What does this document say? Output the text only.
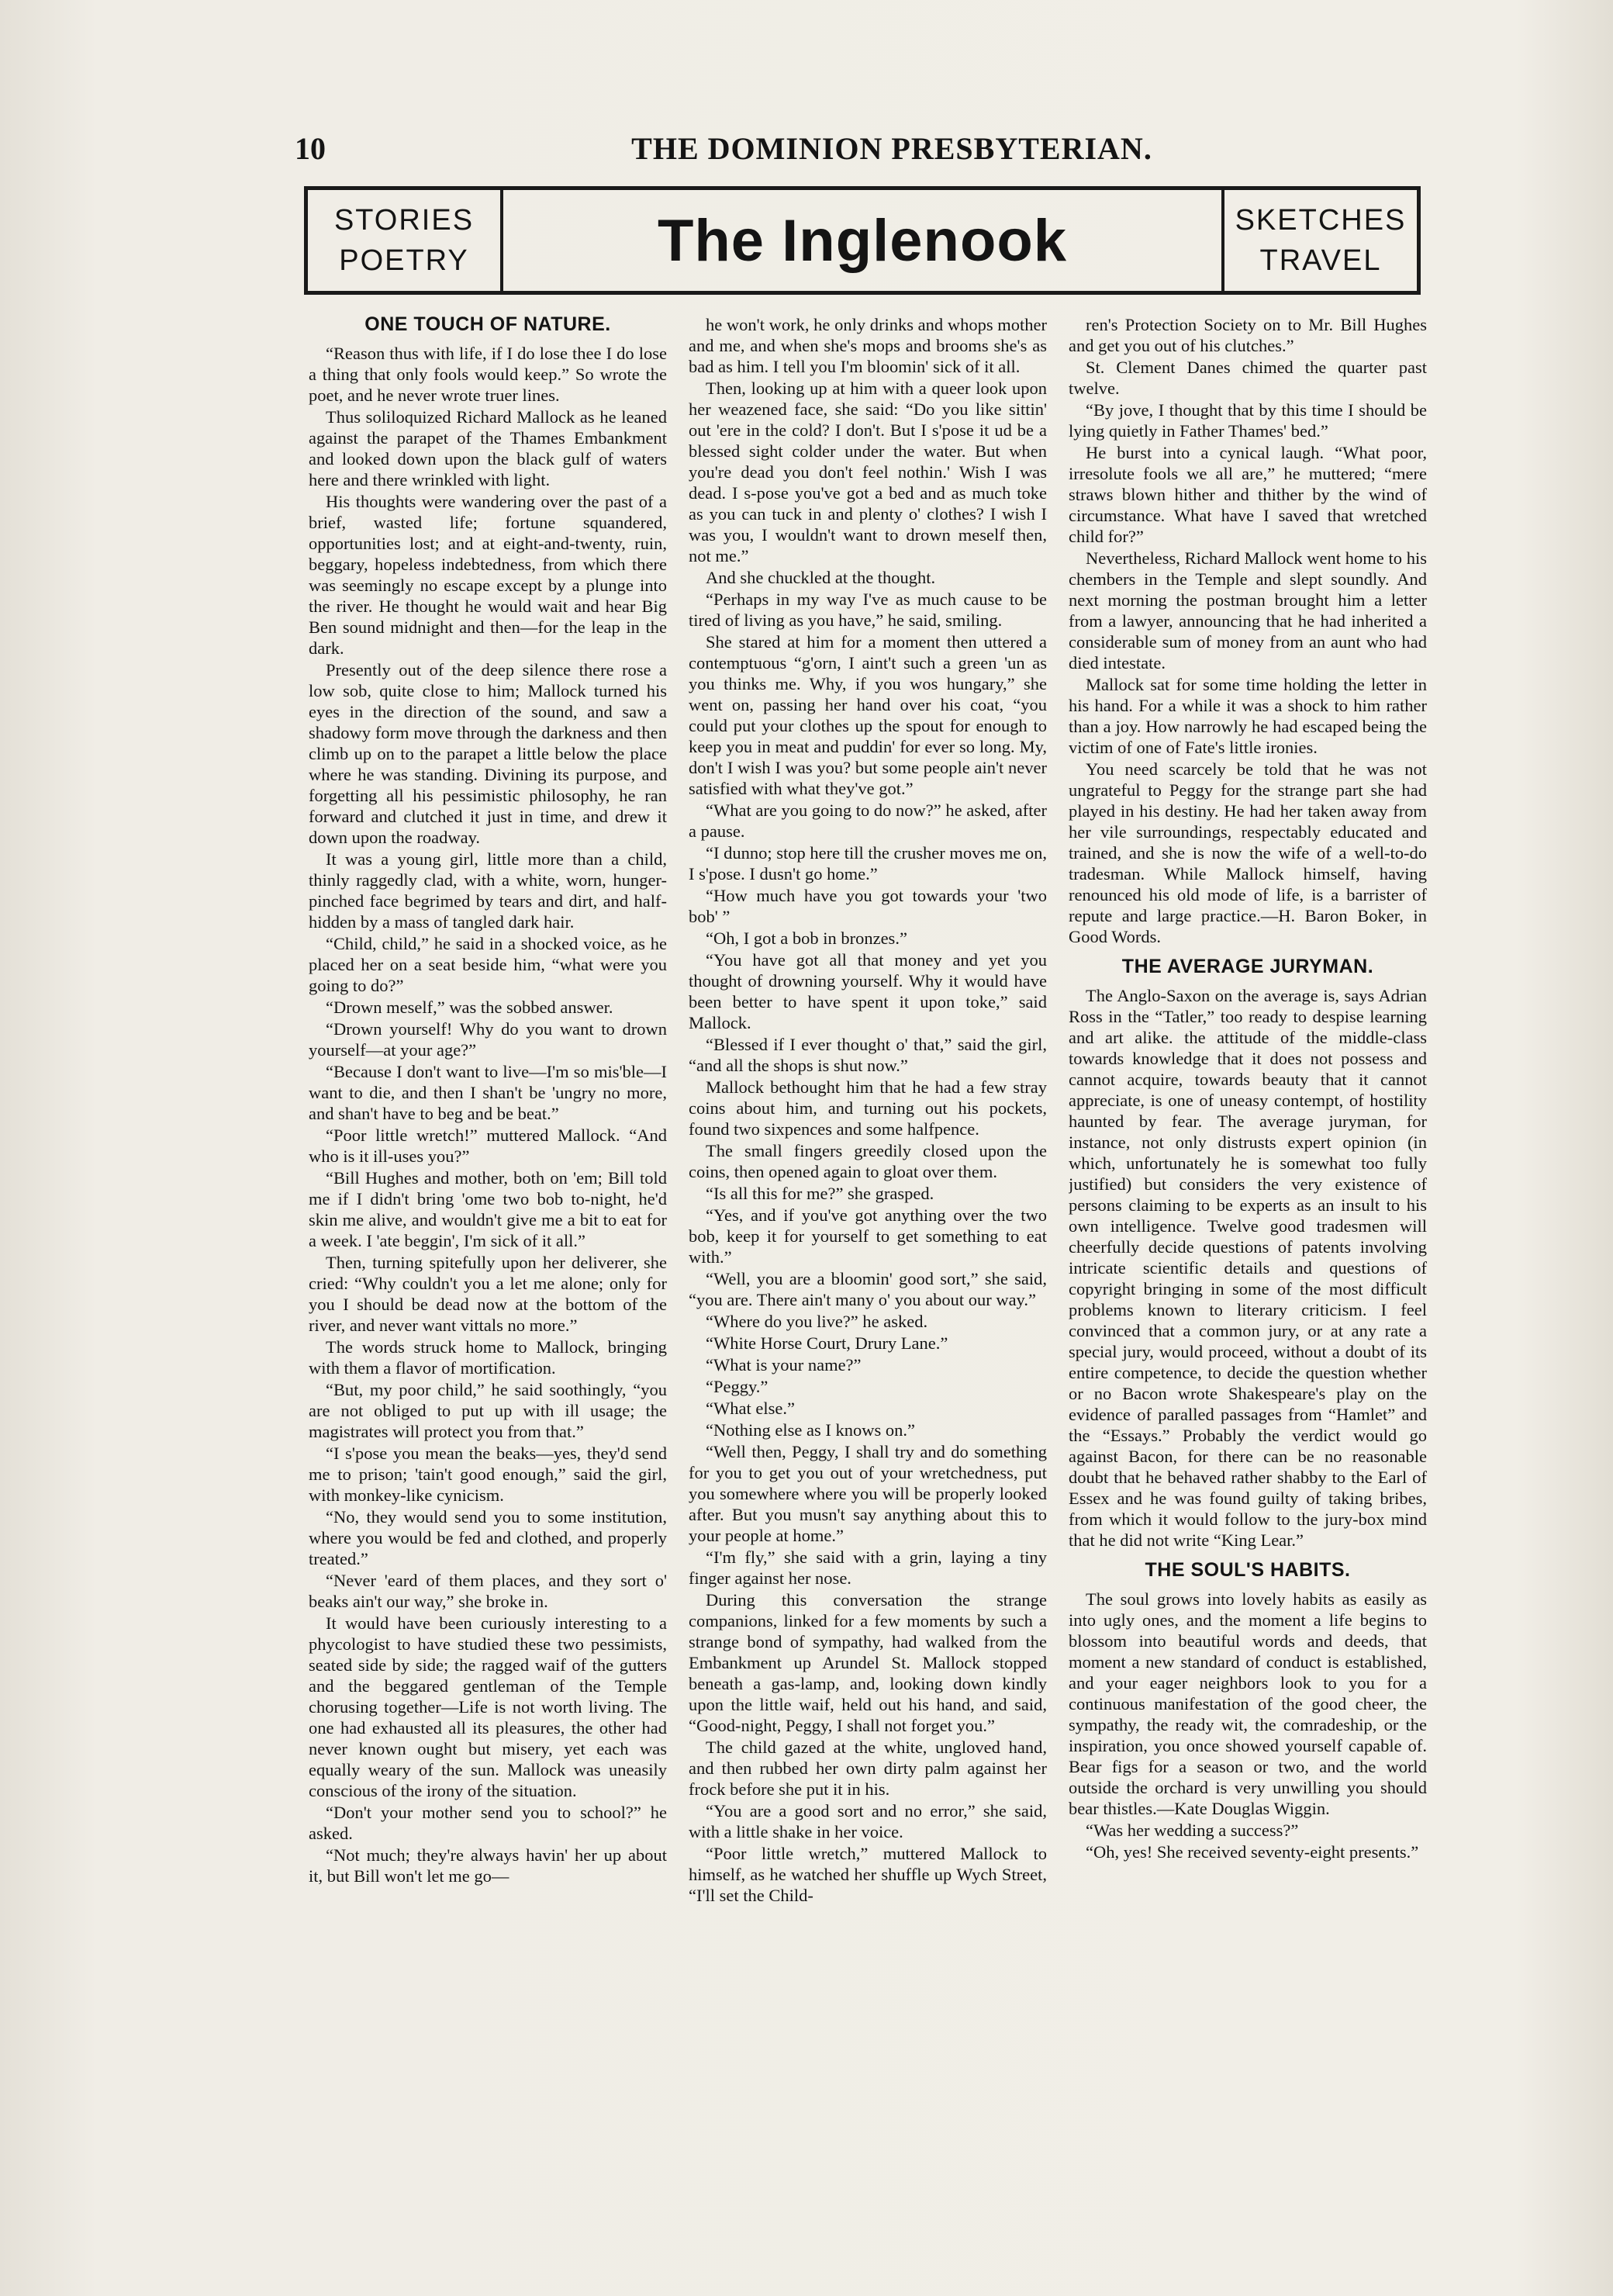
10	THE DOMINION PRESBYTERIAN.
STORIES
POETRY	The Inglenook	SKETCHES
TRAVEL
ONE TOUCH OF NATURE.

“Reason thus with life, if I do lose thee I do lose a thing that only fools would keep.” So wrote the poet, and he never wrote truer lines.

Thus soliloquized Richard Mallock as he leaned against the parapet of the Thames Embankment and looked down upon the black gulf of waters here and there wrinkled with light.

His thoughts were wandering over the past of a brief, wasted life; fortune squandered, opportunities lost; and at eight-and-twenty, ruin, beggary, hopeless indebtedness, from which there was seemingly no escape except by a plunge into the river. He thought he would wait and hear Big Ben sound midnight and then—for the leap in the dark.

Presently out of the deep silence there rose a low sob, quite close to him; Mallock turned his eyes in the direction of the sound, and saw a shadowy form move through the darkness and then climb up on to the parapet a little below the place where he was standing. Divining its purpose, and forgetting all his pessimistic philosophy, he ran forward and clutched it just in time, and drew it down upon the roadway.

It was a young girl, little more than a child, thinly raggedly clad, with a white, worn, hunger-pinched face begrimed by tears and dirt, and half-hidden by a mass of tangled dark hair.

“Child, child,” he said in a shocked voice, as he placed her on a seat beside him, “what were you going to do?”

“Drown meself,” was the sobbed answer.

“Drown yourself! Why do you want to drown yourself—at your age?”

“Because I don't want to live—I'm so mis'ble—I want to die, and then I shan't be 'ungry no more, and shan't have to beg and be beat.”

“Poor little wretch!” muttered Mallock. “And who is it ill-uses you?”

“Bill Hughes and mother, both on 'em; Bill told me if I didn't bring 'ome two bob to-night, he'd skin me alive, and wouldn't give me a bit to eat for a week. I 'ate beggin', I'm sick of it all.”

Then, turning spitefully upon her deliverer, she cried: “Why couldn't you a let me alone; only for you I should be dead now at the bottom of the river, and never want vittals no more.”

The words struck home to Mallock, bringing with them a flavor of mortification.

“But, my poor child,” he said soothingly, “you are not obliged to put up with ill usage; the magistrates will protect you from that.”

“I s'pose you mean the beaks—yes, they'd send me to prison; 'tain't good enough,” said the girl, with monkey-like cynicism.

“No, they would send you to some institution, where you would be fed and clothed, and properly treated.”

“Never 'eard of them places, and they sort o' beaks ain't our way,” she broke in.

It would have been curiously interesting to a phycologist to have studied these two pessimists, seated side by side; the ragged waif of the gutters and the beggared gentleman of the Temple chorusing together—Life is not worth living. The one had exhausted all its pleasures, the other had never known ought but misery, yet each was equally weary of the sun. Mallock was uneasily conscious of the irony of the situation.

“Don't your mother send you to school?” he asked.

“Not much; they're always havin' her up about it, but Bill won't let me go—

he won't work, he only drinks and whops mother and me, and when she's mops and brooms she's as bad as him. I tell you I'm bloomin' sick of it all.

Then, looking up at him with a queer look upon her weazened face, she said: “Do you like sittin' out 'ere in the cold? I don't. But I s'pose it ud be a blessed sight colder under the water. But when you're dead you don't feel nothin.' Wish I was dead. I s-pose you've got a bed and as much toke as you can tuck in and plenty o' clothes? I wish I was you, I wouldn't want to drown meself then, not me.”

And she chuckled at the thought.

“Perhaps in my way I've as much cause to be tired of living as you have,” he said, smiling.

She stared at him for a moment then uttered a contemptuous “g'orn, I aint't such a green 'un as you thinks me. Why, if you wos hungary,” she went on, passing her hand over his coat, “you could put your clothes up the spout for enough to keep you in meat and puddin' for ever so long. My, don't I wish I was you? but some people ain't never satisfied with what they've got.”

“What are you going to do now?” he asked, after a pause.

“I dunno; stop here till the crusher moves me on, I s'pose. I dusn't go home.”

“How much have you got towards your 'two bob' ”

“Oh, I got a bob in bronzes.”

“You have got all that money and yet you thought of drowning yourself. Why it would have been better to have spent it upon toke,” said Mallock.

“Blessed if I ever thought o' that,” said the girl, “and all the shops is shut now.”

Mallock bethought him that he had a few stray coins about him, and turning out his pockets, found two sixpences and some halfpence.

The small fingers greedily closed upon the coins, then opened again to gloat over them.

“Is all this for me?” she grasped.

“Yes, and if you've got anything over the two bob, keep it for yourself to get something to eat with.”

“Well, you are a bloomin' good sort,” she said, “you are. There ain't many o' you about our way.”

“Where do you live?” he asked.

“White Horse Court, Drury Lane.”

“What is your name?”

“Peggy.”

“What else.”

“Nothing else as I knows on.”

“Well then, Peggy, I shall try and do something for you to get you out of your wretchedness, put you somewhere where you will be properly looked after. But you musn't say anything about this to your people at home.”

“I'm fly,” she said with a grin, laying a tiny finger against her nose.

During this conversation the strange companions, linked for a few moments by such a strange bond of sympathy, had walked from the Embankment up Arundel St. Mallock stopped beneath a gas-lamp, and, looking down kindly upon the little waif, held out his hand, and said, “Good-night, Peggy, I shall not forget you.”

The child gazed at the white, ungloved hand, and then rubbed her own dirty palm against her frock before she put it in his.

“You are a good sort and no error,” she said, with a little shake in her voice.

“Poor little wretch,” muttered Mallock to himself, as he watched her shuffle up Wych Street, “I'll set the Child-

ren's Protection Society on to Mr. Bill Hughes and get you out of his clutches.”

St. Clement Danes chimed the quarter past twelve.

“By jove, I thought that by this time I should be lying quietly in Father Thames' bed.”

He burst into a cynical laugh. “What poor, irresolute fools we all are,” he muttered; “mere straws blown hither and thither by the wind of circumstance. What have I saved that wretched child for?”

Nevertheless, Richard Mallock went home to his chembers in the Temple and slept soundly. And next morning the postman brought him a letter from a lawyer, announcing that he had inherited a considerable sum of money from an aunt who had died intestate.

Mallock sat for some time holding the letter in his hand. For a while it was a shock to him rather than a joy. How narrowly he had escaped being the victim of one of Fate's little ironies.

You need scarcely be told that he was not ungrateful to Peggy for the strange part she had played in his destiny. He had her taken away from her vile surroundings, respectably educated and trained, and she is now the wife of a well-to-do tradesman. While Mallock himself, having renounced his old mode of life, is a barrister of repute and large practice.—H. Baron Boker, in Good Words.

THE AVERAGE JURYMAN.

The Anglo-Saxon on the average is, says Adrian Ross in the “Tatler,” too ready to despise learning and art alike. the attitude of the middle-class towards knowledge that it does not possess and cannot acquire, towards beauty that it cannot appreciate, is one of uneasy contempt, of hostility haunted by fear. The average juryman, for instance, not only distrusts expert opinion (in which, unfortunately he is somewhat too fully justified) but considers the very existence of persons claiming to be experts as an insult to his own intelligence. Twelve good tradesmen will cheerfully decide questions of patents involving intricate scientific details and questions of copyright bringing in some of the most difficult problems known to literary criticism. I feel convinced that a common jury, or at any rate a special jury, would proceed, without a doubt of its entire competence, to decide the question whether or no Bacon wrote Shakespeare's play on the evidence of paralled passages from “Hamlet” and the “Essays.” Probably the verdict would go against Bacon, for there can be no reasonable doubt that he behaved rather shabby to the Earl of Essex and he was found guilty of taking bribes, from which it would follow to the jury-box mind that he did not write “King Lear.”

THE SOUL'S HABITS.

The soul grows into lovely habits as easily as into ugly ones, and the moment a life begins to blossom into beautiful words and deeds, that moment a new standard of conduct is established, and your eager neighbors look to you for a continuous manifestation of the good cheer, the sympathy, the ready wit, the comradeship, or the inspiration, you once showed yourself capable of. Bear figs for a season or two, and the world outside the orchard is very unwilling you should bear thistles.—Kate Douglas Wiggin.

“Was her wedding a success?”

“Oh, yes! She received seventy-eight presents.”
